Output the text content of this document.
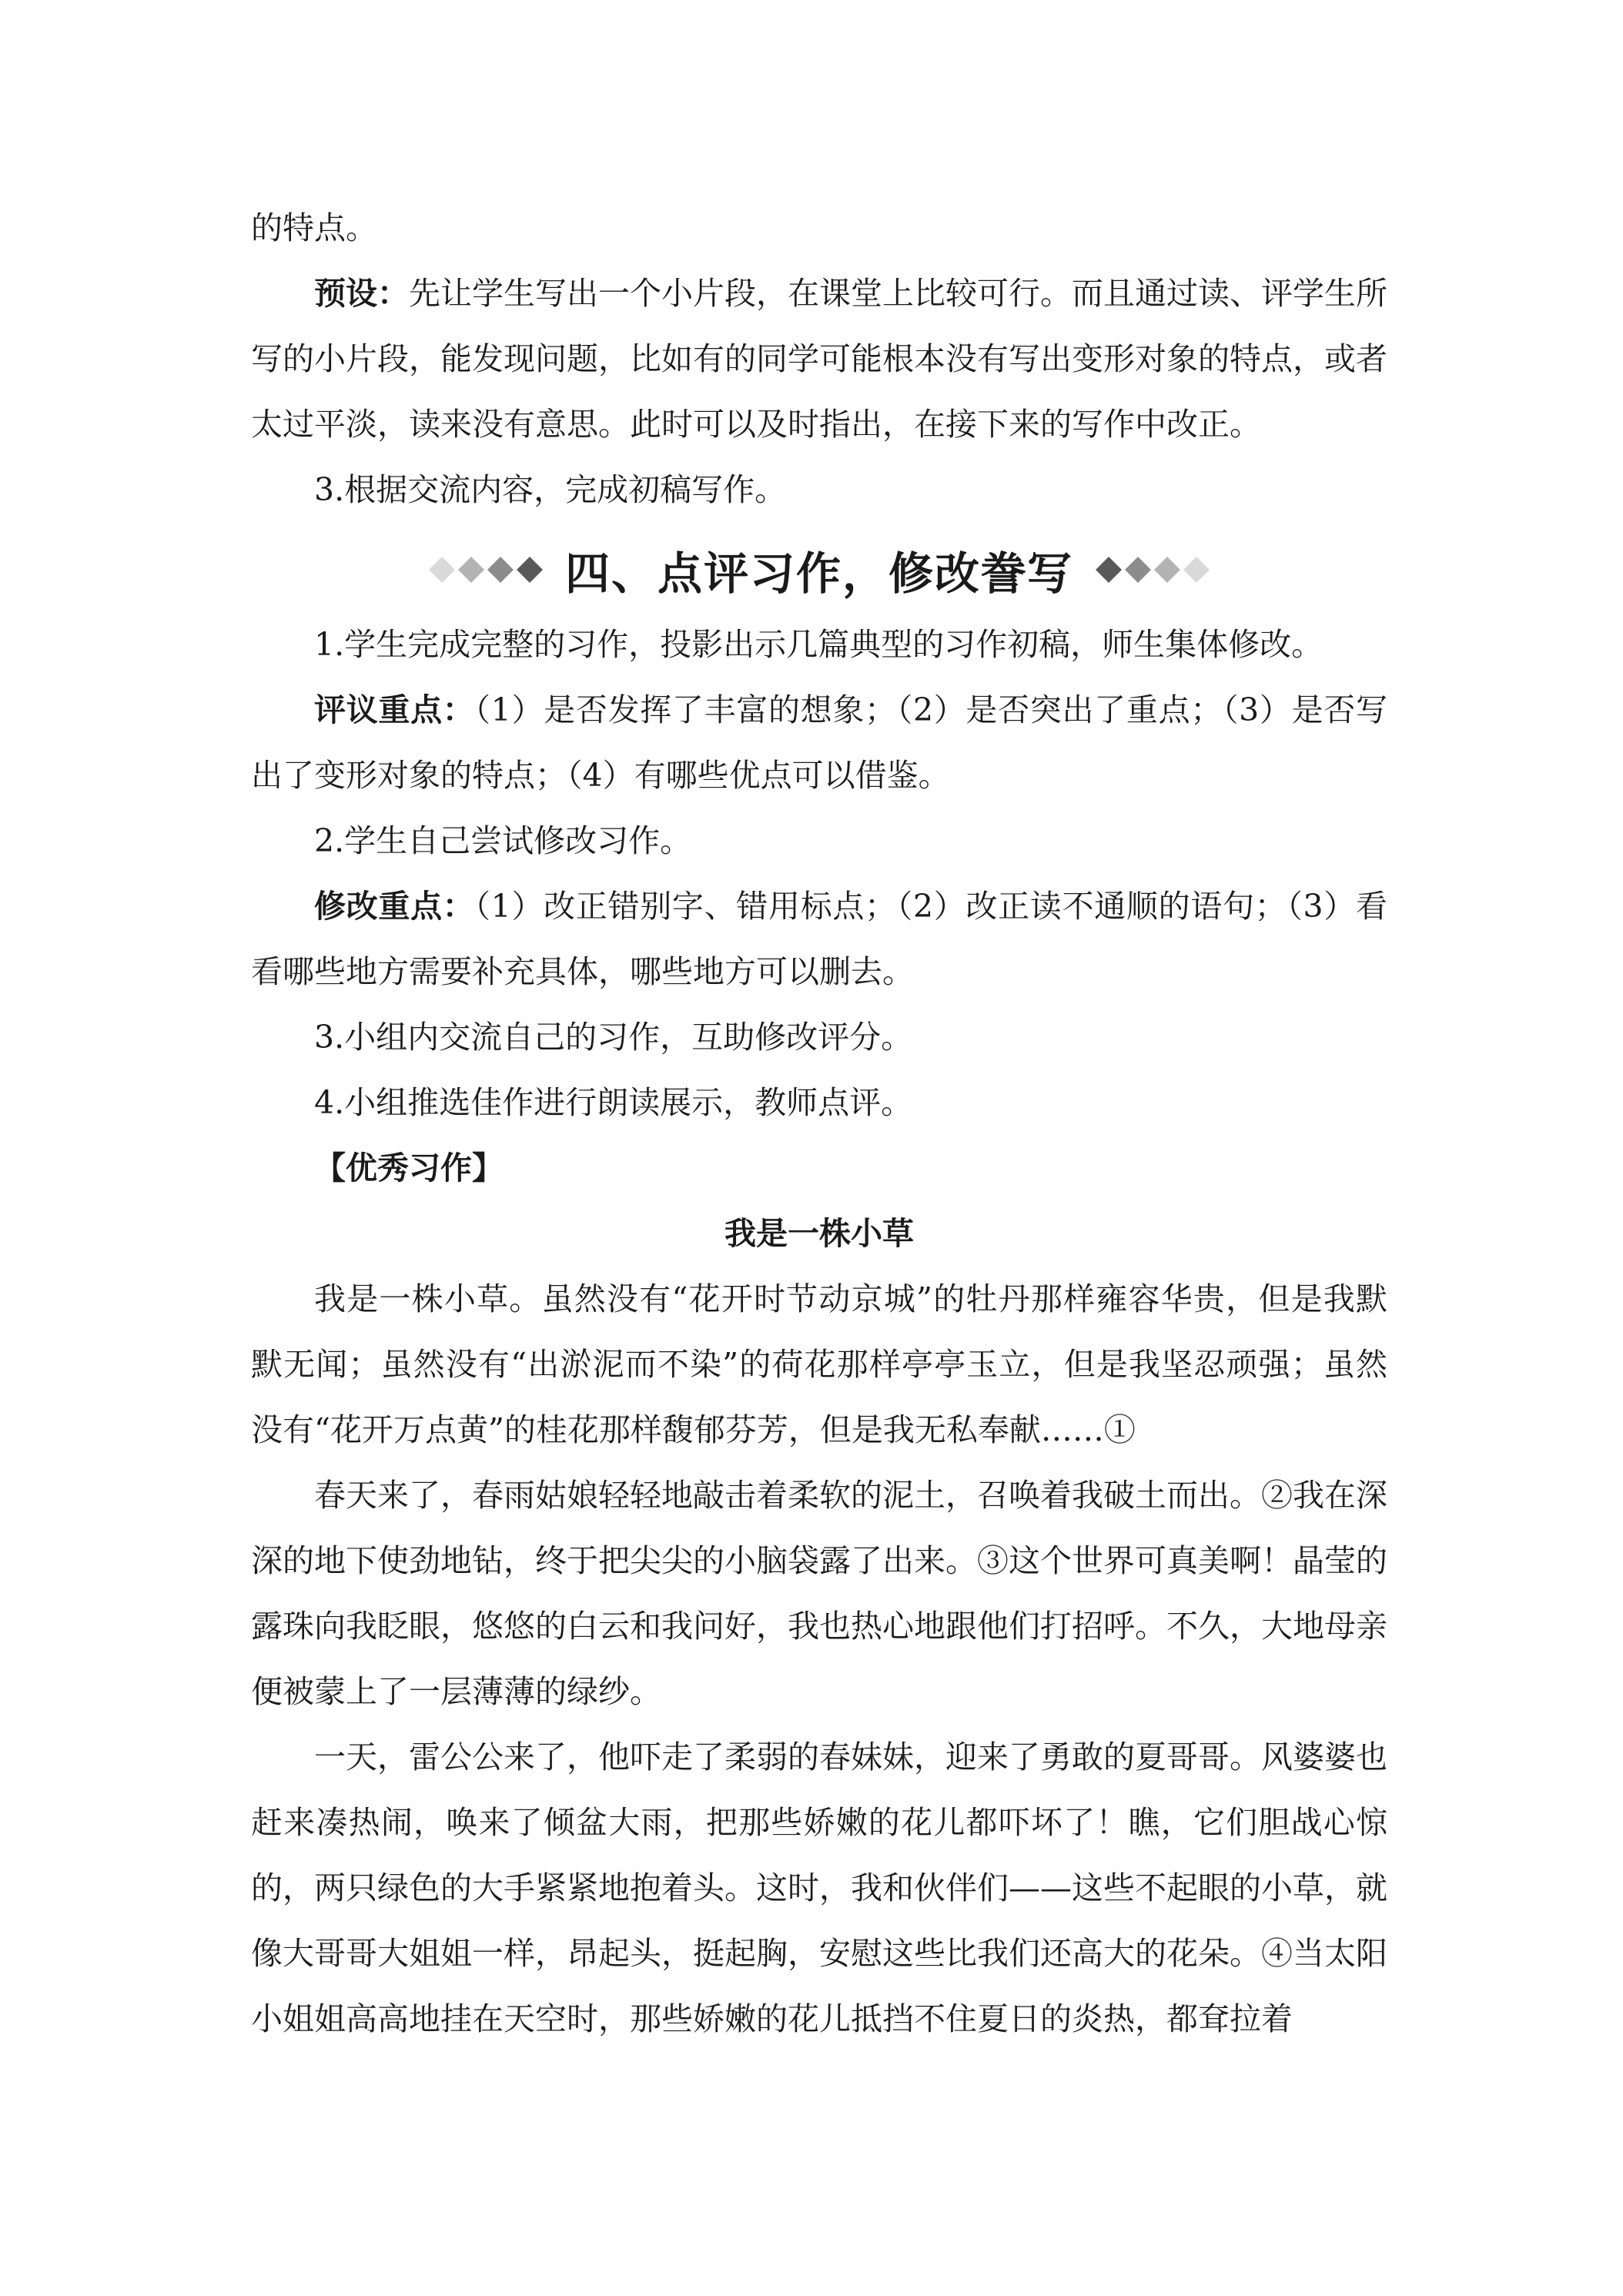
的特点。

预设：先让学生写出一个小片段，在课堂上比较可行。而且通过读、评学生所写的小片段，能发现问题，比如有的同学可能根本没有写出变形对象的特点，或者太过平淡，读来没有意思。此时可以及时指出，在接下来的写作中改正。

3.根据交流内容，完成初稿写作。

四、点评习作，修改誊写

1.学生完成完整的习作，投影出示几篇典型的习作初稿，师生集体修改。

评议重点：（1）是否发挥了丰富的想象；（2）是否突出了重点；（3）是否写出了变形对象的特点；（4）有哪些优点可以借鉴。

2.学生自己尝试修改习作。

修改重点：（1）改正错别字、错用标点；（2）改正读不通顺的语句；（3）看看哪些地方需要补充具体，哪些地方可以删去。

3.小组内交流自己的习作，互助修改评分。

4.小组推选佳作进行朗读展示，教师点评。

【优秀习作】

我是一株小草

我是一株小草。虽然没有“花开时节动京城”的牡丹那样雍容华贵，但是我默默无闻；虽然没有“出淤泥而不染”的荷花那样亭亭玉立，但是我坚忍顽强；虽然没有“花开万点黄”的桂花那样馥郁芬芳，但是我无私奉献……①

春天来了，春雨姑娘轻轻地敲击着柔软的泥土，召唤着我破土而出。②我在深深的地下使劲地钻，终于把尖尖的小脑袋露了出来。③这个世界可真美啊！晶莹的露珠向我眨眼，悠悠的白云和我问好，我也热心地跟他们打招呼。不久，大地母亲便被蒙上了一层薄薄的绿纱。

一天，雷公公来了，他吓走了柔弱的春妹妹，迎来了勇敢的夏哥哥。风婆婆也赶来凑热闹，唤来了倾盆大雨，把那些娇嫩的花儿都吓坏了！瞧，它们胆战心惊的，两只绿色的大手紧紧地抱着头。这时，我和伙伴们——这些不起眼的小草，就像大哥哥大姐姐一样，昂起头，挺起胸，安慰这些比我们还高大的花朵。④当太阳小姐姐高高地挂在天空时，那些娇嫩的花儿抵挡不住夏日的炎热，都耷拉着
